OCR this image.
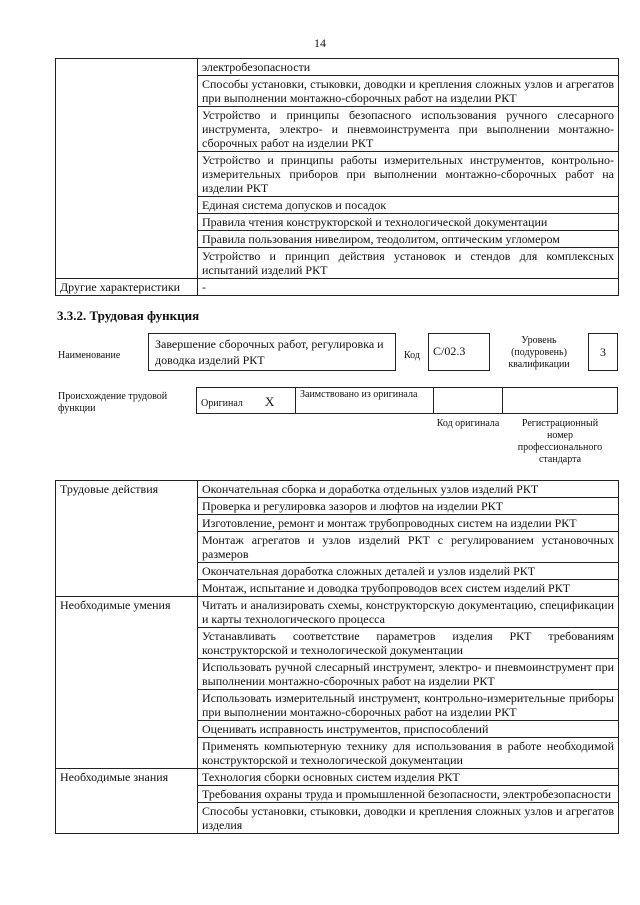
14
	электробезопасности
	Способы установки, стыковки, доводки и крепления сложных узлов и агрегатов при выполнении монтажно-сборочных работ на изделии РКТ
	Устройство и принципы безопасного использования ручного слесарного инструмента, электро- и пневмоинструмента при выполнении монтажно-сборочных работ на изделии РКТ
	Устройство и принципы работы измерительных инструментов, контрольно-измерительных приборов при выполнении монтажно-сборочных работ на изделии РКТ
	Единая система допусков и посадок
	Правила чтения конструкторской и технологической документации
	Правила пользования нивелиром, теодолитом, оптическим угломером
	Устройство и принцип действия установок и стендов для комплексных испытаний изделий РКТ
Другие характеристики	-
3.3.2. Трудовая функция
Наименование
Завершение сборочных работ, регулировка и доводка изделий РКТ	Код	С/02.3
Уровень (подуровень) квалификации
3
Происхождение трудовой функции	Оригинал X	Заимствовано из оригинала
Код оригинала	Регистрационный номер профессионального стандарта
Трудовые действия	Окончательная сборка и доработка отдельных узлов изделий РКТ
	Проверка и регулировка зазоров и люфтов на изделии РКТ
	Изготовление, ремонт и монтаж трубопроводных систем на изделии РКТ
	Монтаж агрегатов и узлов изделий РКТ с регулированием установочных размеров
	Окончательная доработка сложных деталей и узлов изделий РКТ
	Монтаж, испытание и доводка трубопроводов всех систем изделий РКТ
Необходимые умения	Читать и анализировать схемы, конструкторскую документацию, спецификации и карты технологического процесса
	Устанавливать соответствие параметров изделия РКТ требованиям конструкторской и технологической документации
	Использовать ручной слесарный инструмент, электро- и пневмоинструмент при выполнении монтажно-сборочных работ на изделии РКТ
	Использовать измерительный инструмент, контрольно-измерительные приборы при выполнении монтажно-сборочных работ на изделии РКТ
	Оценивать исправность инструментов, приспособлений
	Применять компьютерную технику для использования в работе необходимой конструкторской и технологической документации
Необходимые знания	Технология сборки основных систем изделия РКТ
	Требования охраны труда и промышленной безопасности, электробезопасности
	Способы установки, стыковки, доводки и крепления сложных узлов и агрегатов изделия
